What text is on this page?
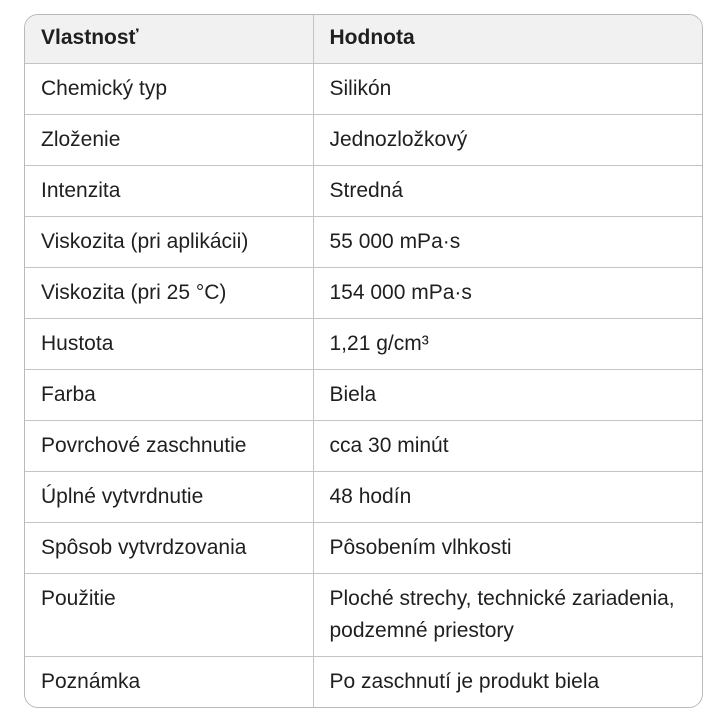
Vlastnosť	Hodnota
Chemický typ	Silikón
Zloženie	Jednozložkový
Intenzita	Stredná
Viskozita (pri aplikácii)	55 000 mPa·s
Viskozita (pri 25 °C)	154 000 mPa·s
Hustota	1,21 g/cm³
Farba	Biela
Povrchové zaschnutie	cca 30 minút
Úplné vytvrdnutie	48 hodín
Spôsob vytvrdzovania	Pôsobením vlhkosti
Použitie	Ploché strechy, technické zariadenia, podzemné priestory
Poznámka	Po zaschnutí je produkt biela
